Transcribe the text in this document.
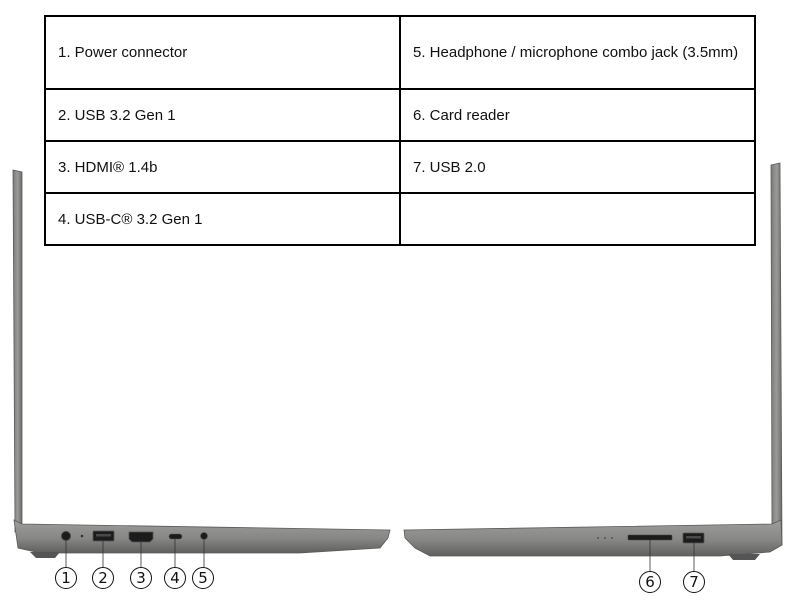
1. Power connector	5. Headphone / microphone combo jack (3.5mm)
2. USB 3.2 Gen 1	6. Card reader
3. HDMI® 1.4b	7. USB 2.0
4. USB-C® 3.2 Gen 1	
1	2	3	4	5	6	7
